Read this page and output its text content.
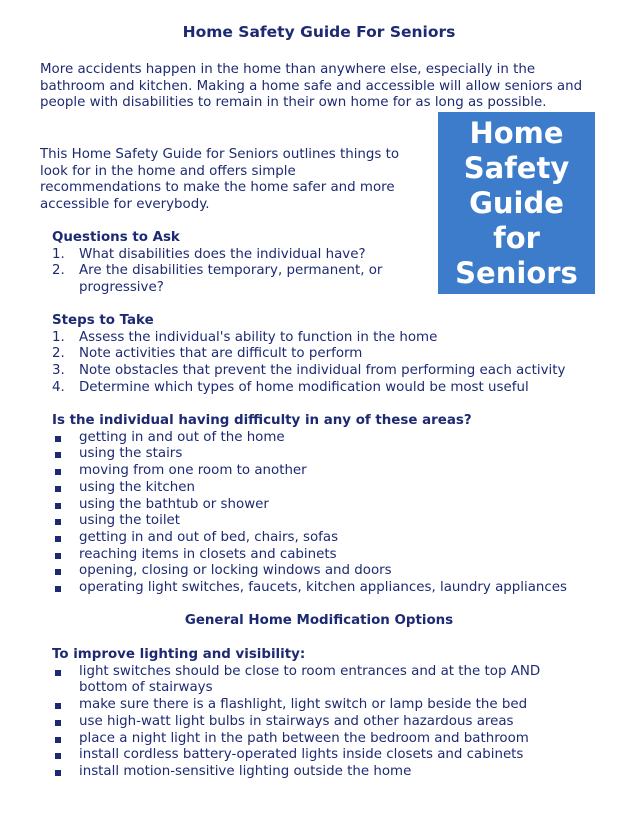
Home Safety Guide For Seniors

More accidents happen in the home than anywhere else, especially in the bathroom and kitchen. Making a home safe and accessible will allow seniors and people with disabilities to remain in their own home for as long as possible.

This Home Safety Guide for Seniors outlines things to look for in the home and offers simple recommendations to make the home safer and more accessible for everybody.

Home
Safety
Guide
for
Seniors
Questions to Ask
1. What disabilities does the individual have?
2. Are the disabilities temporary, permanent, or progressive?
Steps to Take
1. Assess the individual's ability to function in the home
2. Note activities that are difficult to perform
3. Note obstacles that prevent the individual from performing each activity
4. Determine which types of home modification would be most useful
Is the individual having difficulty in any of these areas?
getting in and out of the home
using the stairs
moving from one room to another
using the kitchen
using the bathtub or shower
using the toilet
getting in and out of bed, chairs, sofas
reaching items in closets and cabinets
opening, closing or locking windows and doors
operating light switches, faucets, kitchen appliances, laundry appliances
General Home Modification Options
To improve lighting and visibility:
light switches should be close to room entrances and at the top AND bottom of stairways
make sure there is a flashlight, light switch or lamp beside the bed
use high-watt light bulbs in stairways and other hazardous areas
place a night light in the path between the bedroom and bathroom
install cordless battery-operated lights inside closets and cabinets
install motion-sensitive lighting outside the home
